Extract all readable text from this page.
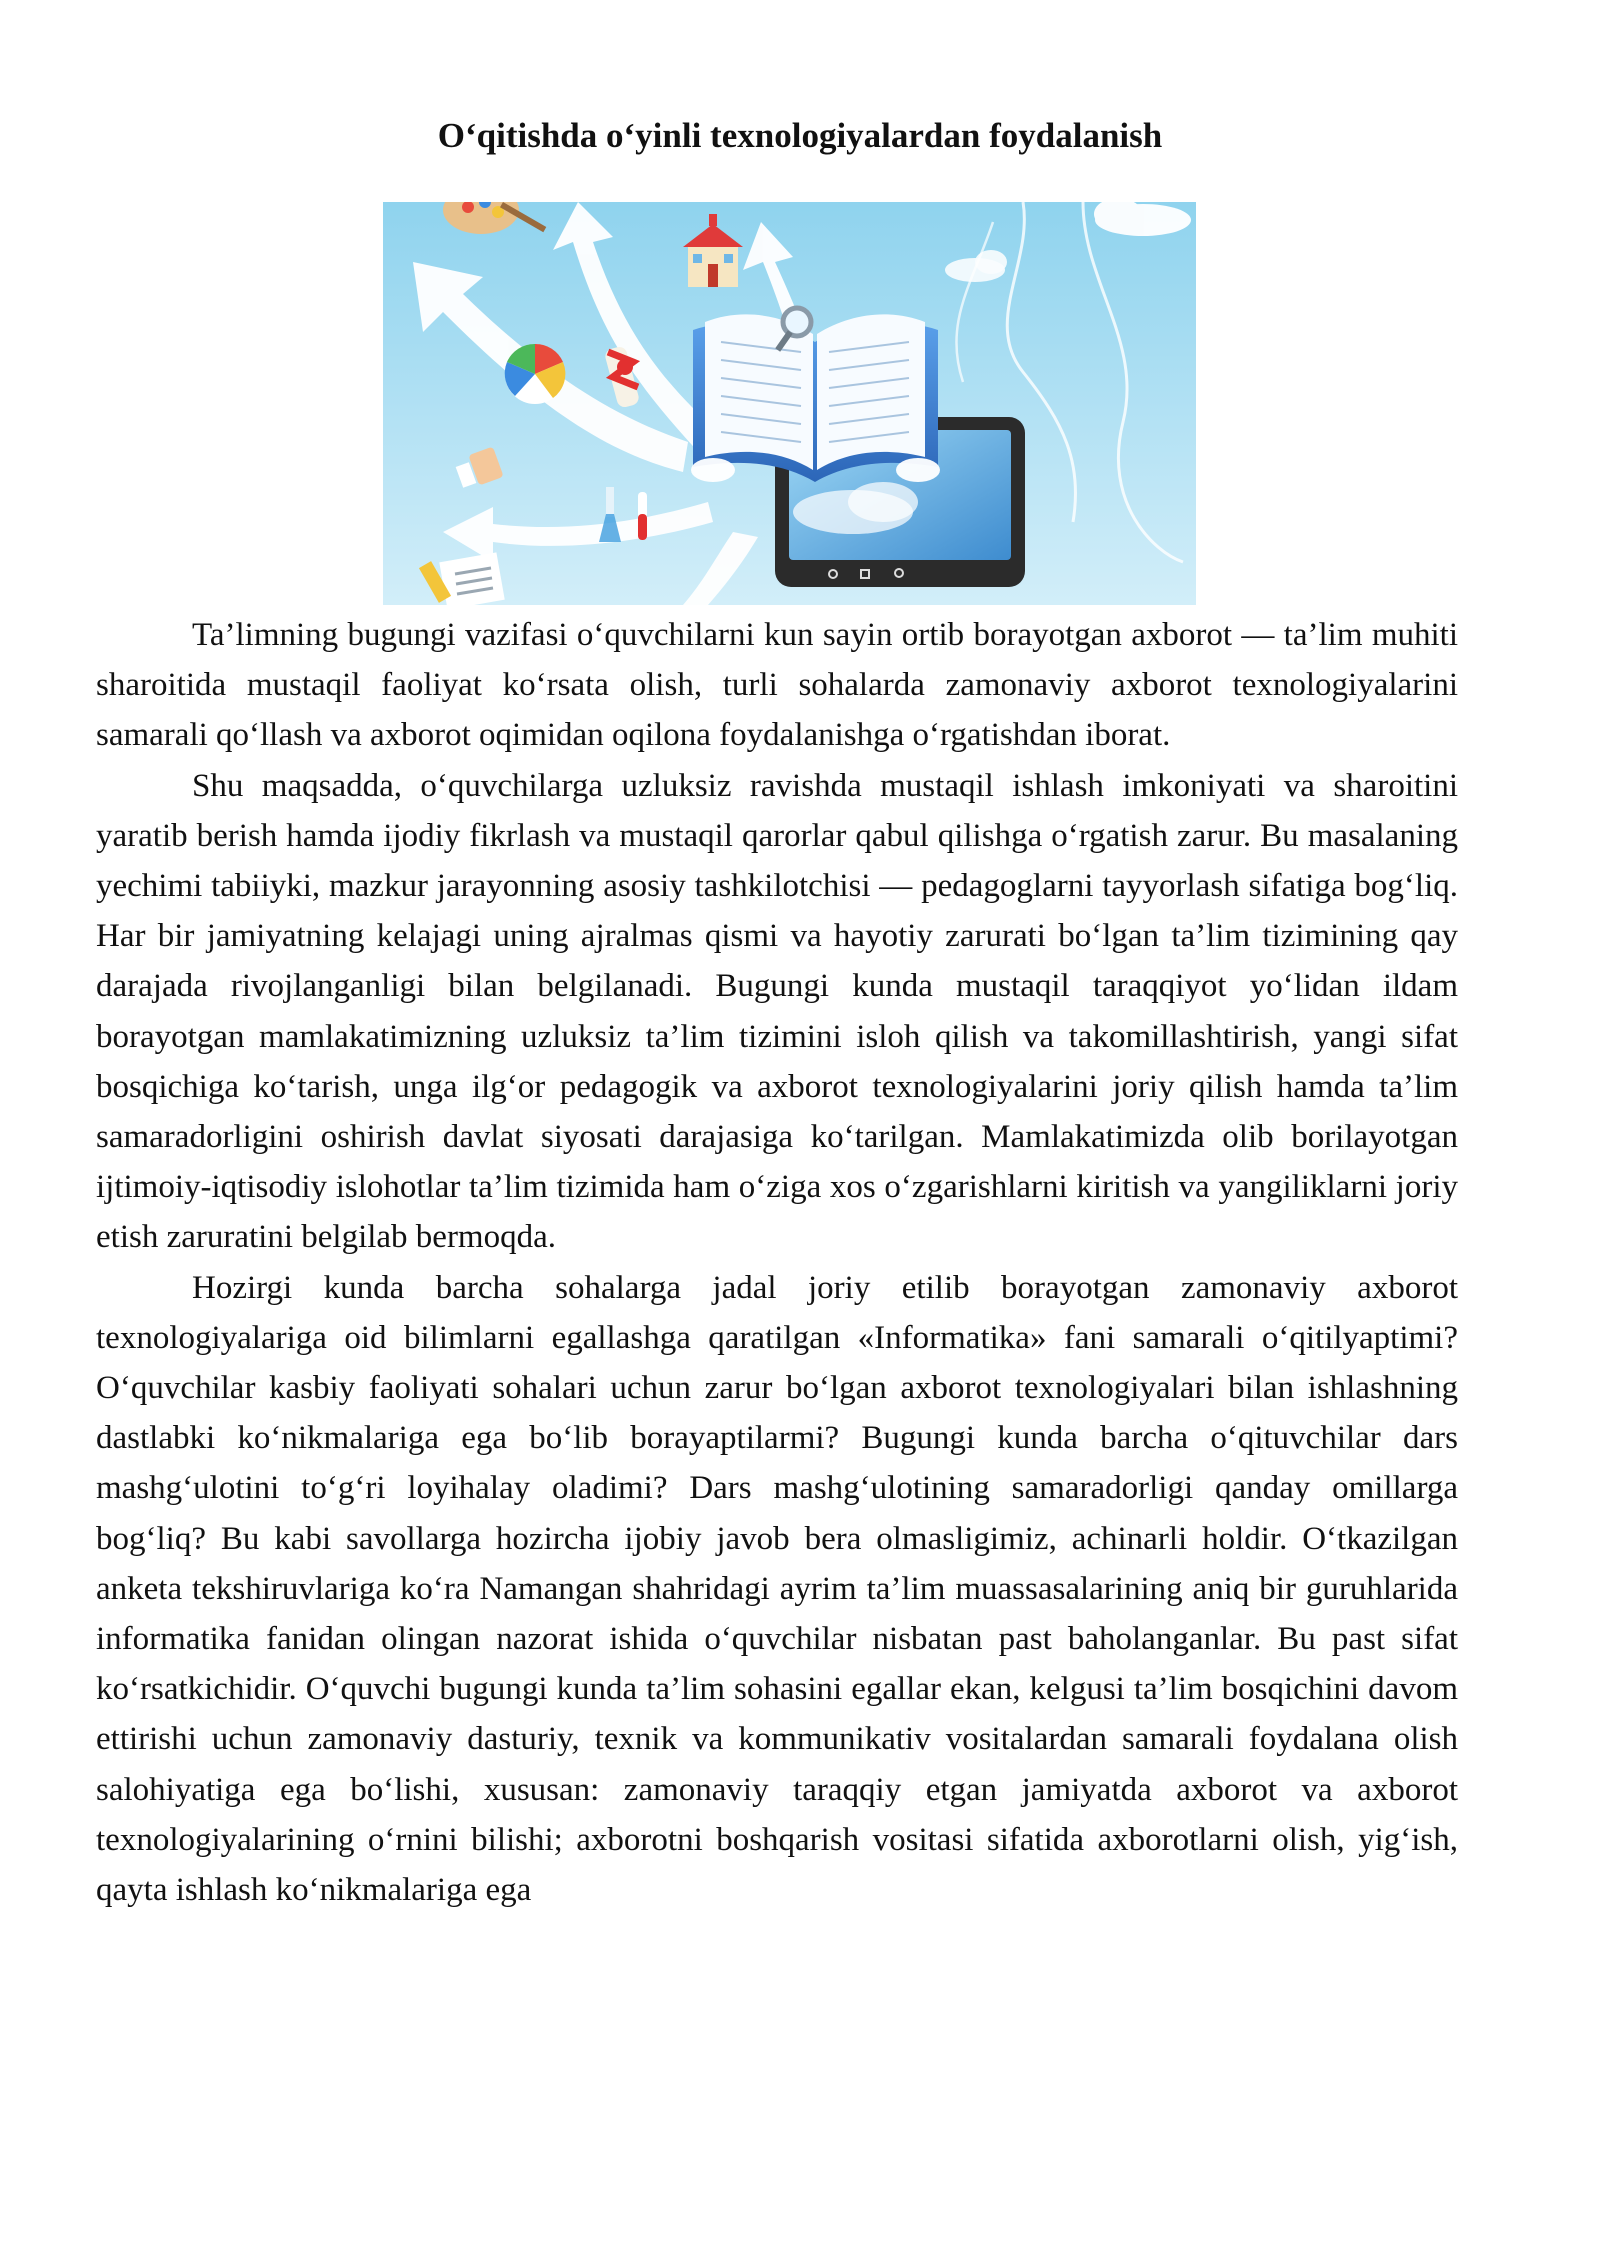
O‘qitishda o‘yinli texnologiyalardan foydalanish

Ta’limning bugungi vazifasi o‘quvchilarni kun sayin ortib borayotgan axborot — ta’lim muhiti sharoitida mustaqil faoliyat ko‘rsata olish, turli sohalarda zamonaviy axborot texnologiyalarini samarali qo‘llash va axborot oqimidan oqilona foydalanishga o‘rgatishdan iborat.

Shu maqsadda, o‘quvchilarga uzluksiz ravishda mustaqil ishlash imkoniyati va sharoitini yaratib berish hamda ijodiy fikrlash va mustaqil qarorlar qabul qilishga o‘rgatish zarur. Bu masalaning yechimi tabiiyki, mazkur jarayonning asosiy tashkilotchisi — pedagoglarni tayyorlash sifatiga bog‘liq. Har bir jamiyatning kelajagi uning ajralmas qismi va hayotiy zarurati bo‘lgan ta’lim tizimining qay darajada rivojlanganligi bilan belgilanadi. Bugungi kunda mustaqil taraqqiyot yo‘lidan ildam borayotgan mamlakatimizning uzluksiz ta’lim tizimini isloh qilish va takomillashtirish, yangi sifat bosqichiga ko‘tarish, unga ilg‘or pedagogik va axborot texnologiyalarini joriy qilish hamda ta’lim samaradorligini oshirish davlat siyosati darajasiga ko‘tarilgan. Mamlakatimizda olib borilayotgan ijtimoiy-iqtisodiy islohotlar ta’lim tizimida ham o‘ziga xos o‘zgarishlarni kiritish va yangiliklarni joriy etish zaruratini belgilab bermoqda.

Hozirgi kunda barcha sohalarga jadal joriy etilib borayotgan zamonaviy axborot texnologiyalariga oid bilimlarni egallashga qaratilgan «Informatika» fani samarali o‘qitilyaptimi? O‘quvchilar kasbiy faoliyati sohalari uchun zarur bo‘lgan axborot texnologiyalari bilan ishlashning dastlabki ko‘nikmalariga ega bo‘lib borayaptilarmi? Bugungi kunda barcha o‘qituvchilar dars mashg‘ulotini to‘g‘ri loyihalay oladimi? Dars mashg‘ulotining samaradorligi qanday omillarga bog‘liq? Bu kabi savollarga hozircha ijobiy javob bera olmasligimiz, achinarli holdir. O‘tkazilgan anketa tekshiruvlariga ko‘ra Namangan shahridagi ayrim ta’lim muassasalarining aniq bir guruhlarida informatika fanidan olingan nazorat ishida o‘quvchilar nisbatan past baholanganlar. Bu past sifat ko‘rsatkichidir. O‘quvchi bugungi kunda ta’lim sohasini egallar ekan, kelgusi ta’lim bosqichini davom ettirishi uchun zamonaviy dasturiy, texnik va kommunikativ vositalardan samarali foydalana olish salohiyatiga ega bo‘lishi, xususan: zamonaviy taraqqiy etgan jamiyatda axborot va axborot texnologiyalarining o‘rnini bilishi; axborotni boshqarish vositasi sifatida axborotlarni olish, yig‘ish, qayta ishlash ko‘nikmalariga ega
